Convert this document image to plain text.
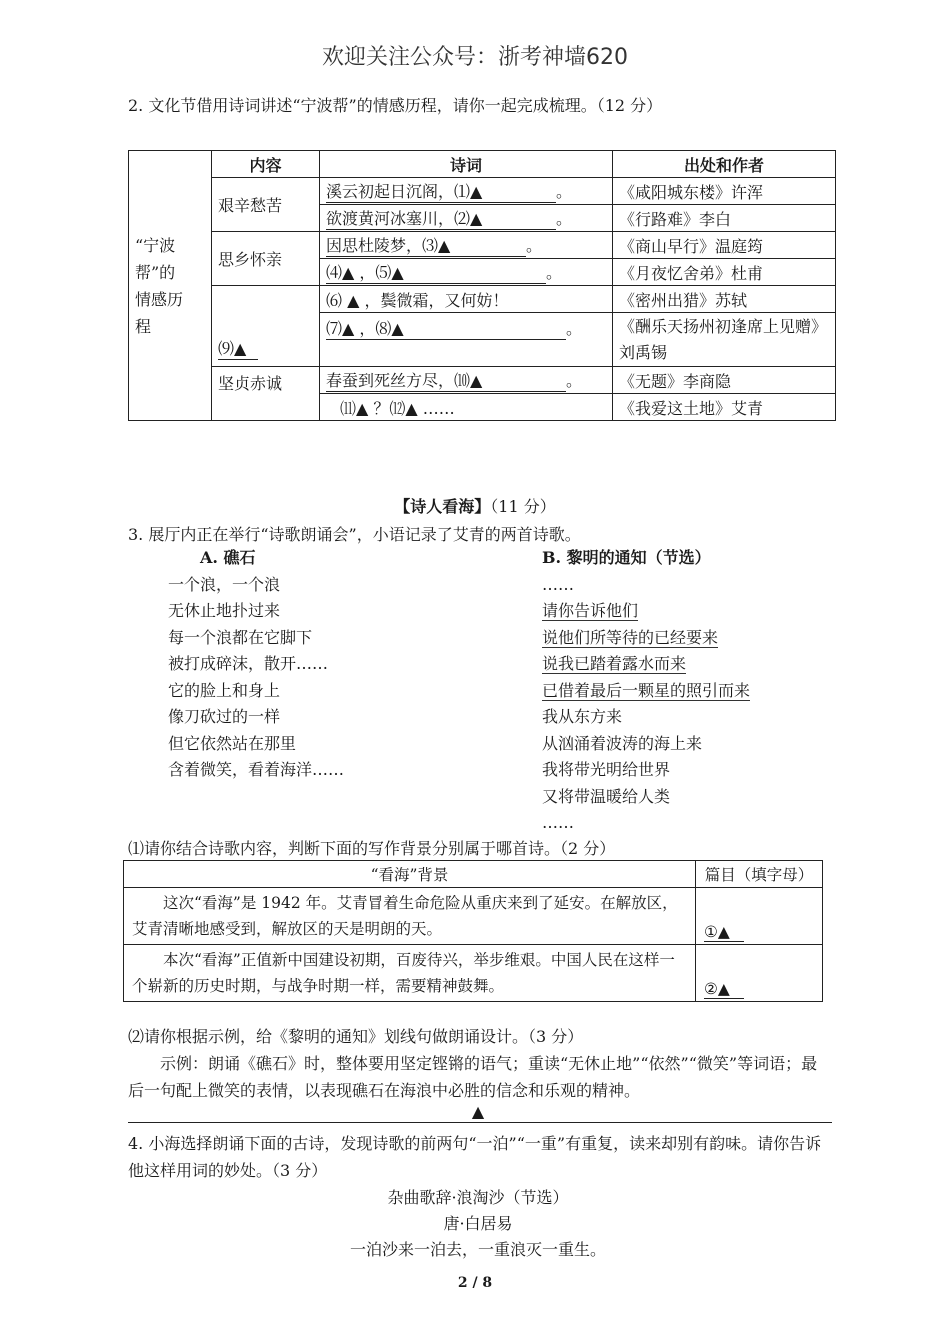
欢迎关注公众号：浙考神墙620
2. 文化节借用诗词讲述“宁波帮”的情感历程，请你一起完成梳理。（12 分）
“宁波帮”的情感历程	内容	诗词	出处和作者
	艰辛愁苦	溪云初起日沉阁，⑴▲ 。	《咸阳城东楼》许浑
		欲渡黄河冰塞川，⑵▲ 。	《行路难》李白
	思乡怀亲	因思杜陵梦，⑶▲ 。	《商山早行》温庭筠
		⑷▲ ，⑸▲ 。	《月夜忆舍弟》杜甫
	⑼▲	⑹ ▲ ，鬓微霜，又何妨！	《密州出猎》苏轼
		⑺▲ ，⑻▲ 。	《酬乐天扬州初逢席上见赠》刘禹锡
	坚贞赤诚	春蚕到死丝方尽，⑽▲ 。	《无题》李商隐
		⑾▲ ？⑿▲ ……	《我爱这土地》艾青
【诗人看海】（11 分）
3. 展厅内正在举行“诗歌朗诵会”，小语记录了艾青的两首诗歌。
A. 礁石
一个浪，一个浪
无休止地扑过来
每一个浪都在它脚下
被打成碎沫，散开……
它的脸上和身上
像刀砍过的一样
但它依然站在那里
含着微笑，看着海洋……
B. 黎明的通知（节选）
……
请你告诉他们
说他们所等待的已经要来
说我已踏着露水而来
已借着最后一颗星的照引而来
我从东方来
从汹涌着波涛的海上来
我将带光明给世界
又将带温暖给人类
……
⑴请你结合诗歌内容，判断下面的写作背景分别属于哪首诗。（2 分）
“看海”背景	篇目（填字母）
这次“看海”是 1942 年。艾青冒着生命危险从重庆来到了延安。在解放区，艾青清晰地感受到，解放区的天是明朗的天。	①▲
本次“看海”正值新中国建设初期，百废待兴，举步维艰。中国人民在这样一个崭新的历史时期，与战争时期一样，需要精神鼓舞。	②▲
⑵请你根据示例，给《黎明的通知》划线句做朗诵设计。（3 分）
示例：朗诵《礁石》时，整体要用坚定铿锵的语气；重读“无休止地”“依然”“微笑”等词语；最后一句配上微笑的表情，以表现礁石在海浪中必胜的信念和乐观的精神。
▲
4. 小海选择朗诵下面的古诗，发现诗歌的前两句“一泊”“一重”有重复，读来却别有韵味。请你告诉他这样用词的妙处。（3 分）
杂曲歌辞·浪淘沙（节选）
唐·白居易
一泊沙来一泊去，一重浪灭一重生。
2 / 8
